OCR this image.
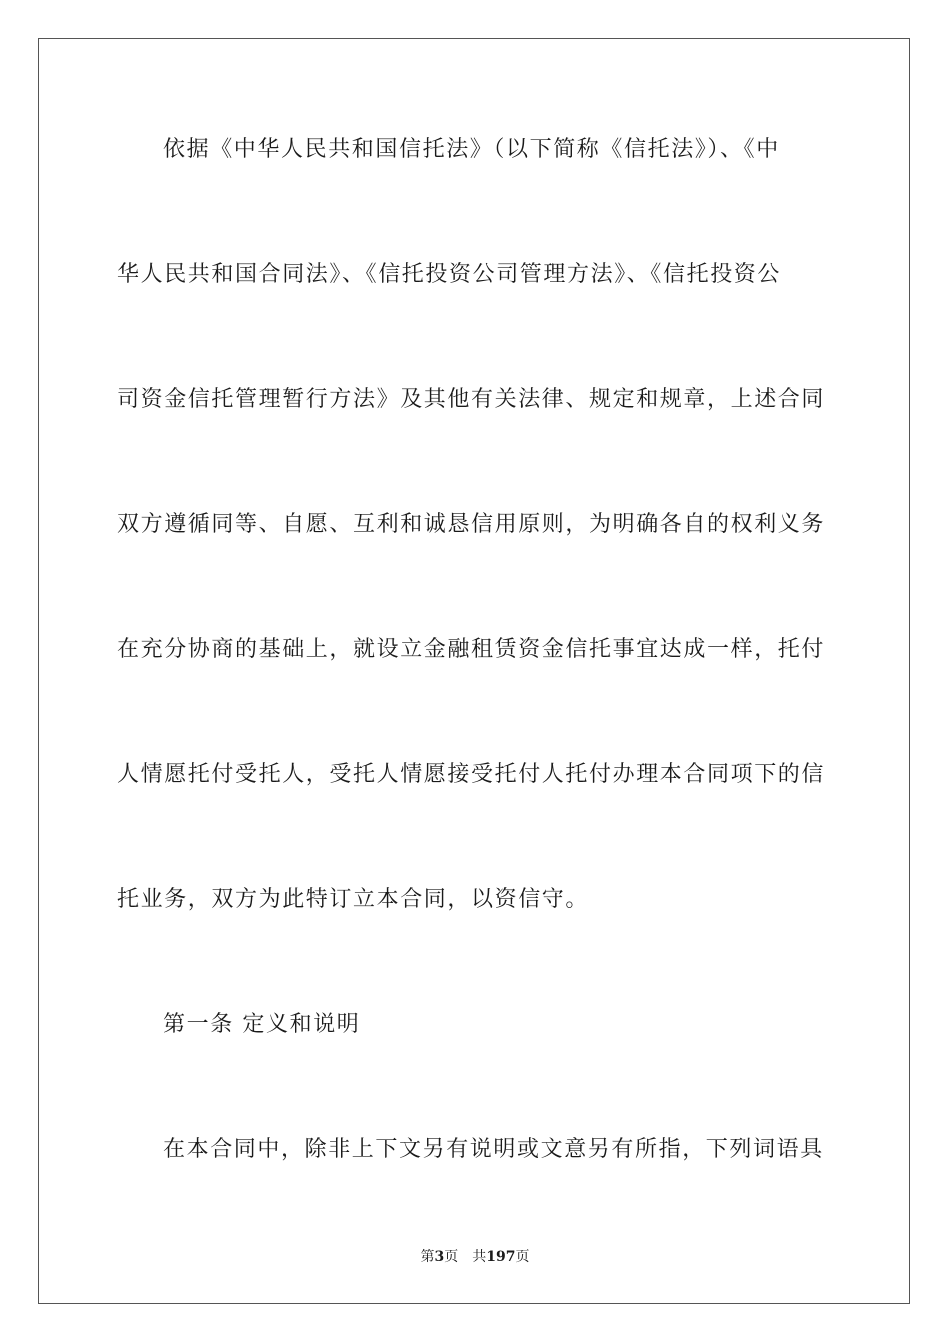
依据《中华人民共和国信托法》（以下简称《信托法》）、《中
华人民共和国合同法》、《信托投资公司管理方法》、《信托投资公
司资金信托管理暂行方法》及其他有关法律、规定和规章，上述合同
双方遵循同等、自愿、互利和诚恳信用原则，为明确各自的权利义务
在充分协商的基础上，就设立金融租赁资金信托事宜达成一样，托付
人情愿托付受托人，受托人情愿接受托付人托付办理本合同项下的信
托业务，双方为此特订立本合同，以资信守。
第一条 定义和说明
在本合同中，除非上下文另有说明或文意另有所指，下列词语具
第3页 共197页
